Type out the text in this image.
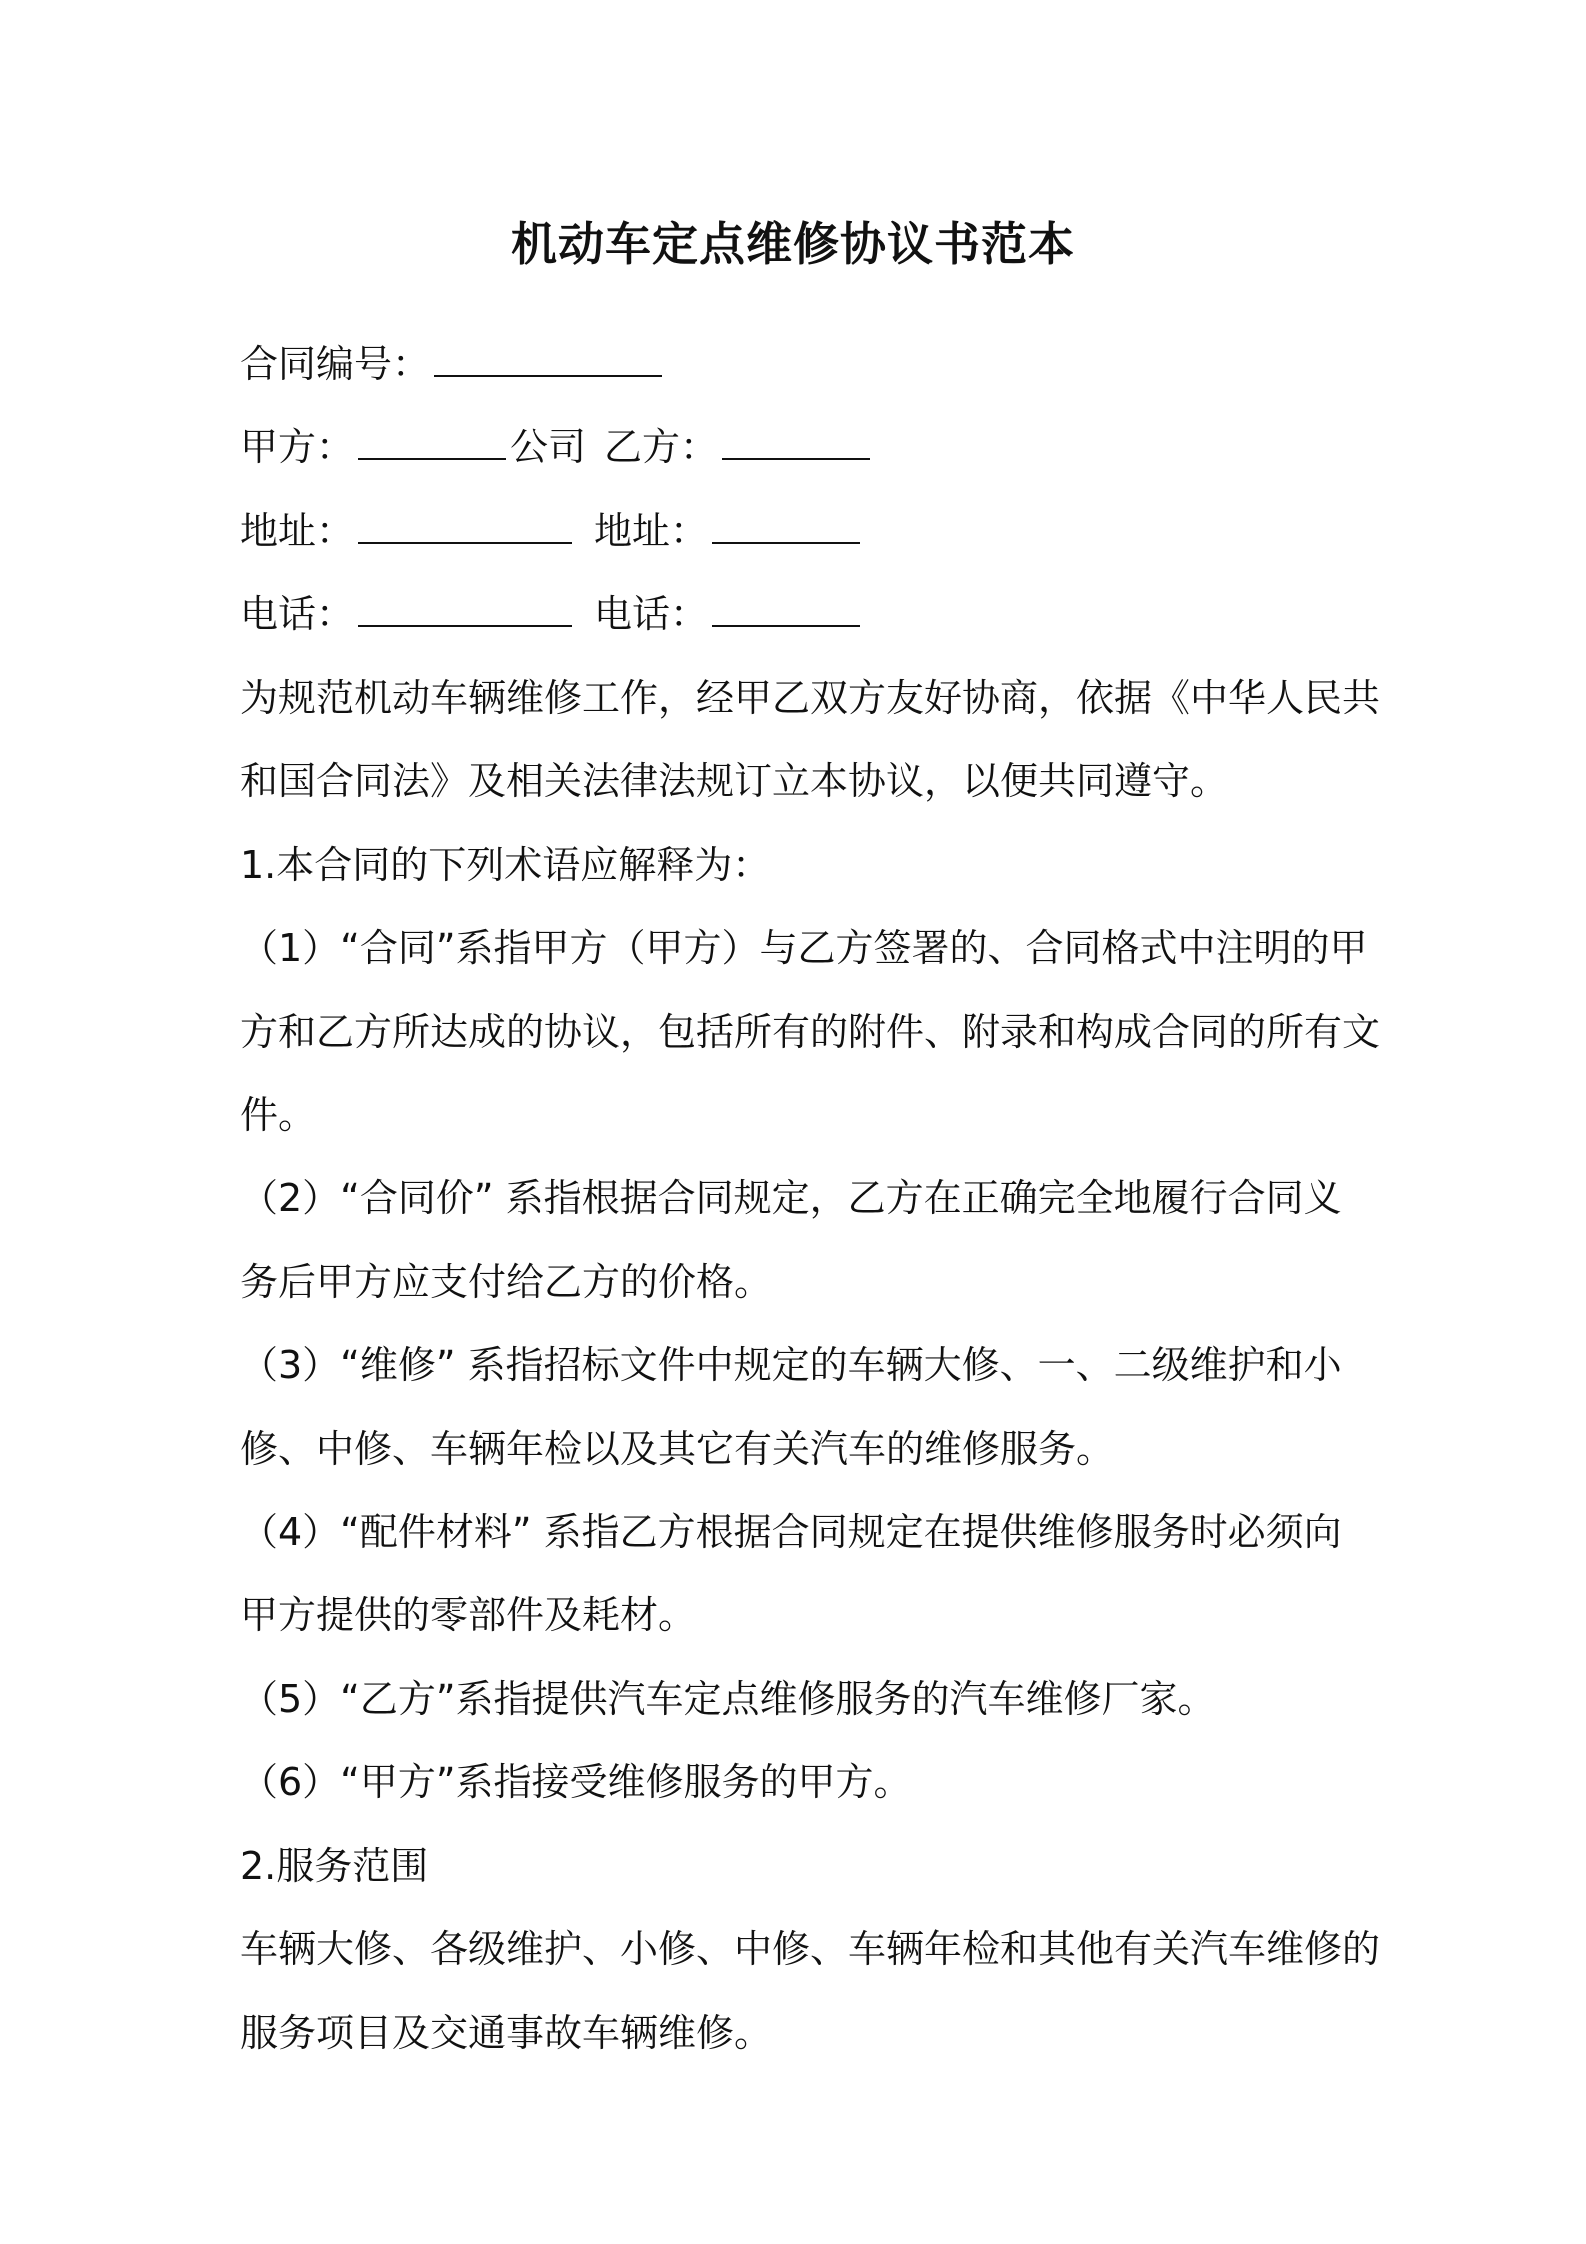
机动车定点维修协议书范本
合同编号：
甲方：	公司 乙方：
地址：	地址：
电话：	电话：
为规范机动车辆维修工作，经甲乙双方友好协商，依据《中华人民共
和国合同法》及相关法律法规订立本协议，以便共同遵守。
1.本合同的下列术语应解释为：
（1）“合同”系指甲方（甲方）与乙方签署的、合同格式中注明的甲
方和乙方所达成的协议，包括所有的附件、附录和构成合同的所有文
件。
（2）“合同价” 系指根据合同规定，乙方在正确完全地履行合同义
务后甲方应支付给乙方的价格。
（3）“维修” 系指招标文件中规定的车辆大修、一、二级维护和小
修、中修、车辆年检以及其它有关汽车的维修服务。
（4）“配件材料” 系指乙方根据合同规定在提供维修服务时必须向
甲方提供的零部件及耗材。
（5）“乙方”系指提供汽车定点维修服务的汽车维修厂家。
（6）“甲方”系指接受维修服务的甲方。
2.服务范围
车辆大修、各级维护、小修、中修、车辆年检和其他有关汽车维修的
服务项目及交通事故车辆维修。
